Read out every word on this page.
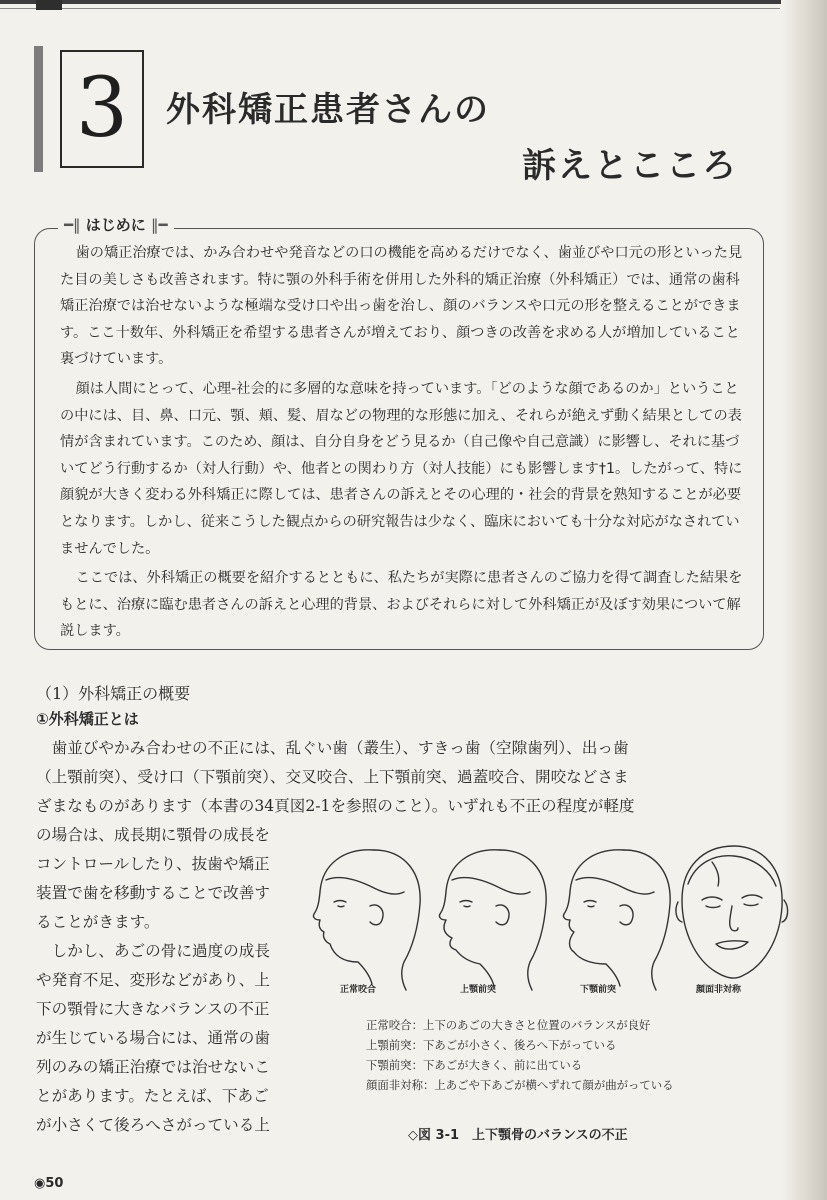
3	外科矯正患者さんの
訴えとこころ
━‖ はじめに ‖━

歯の矯正治療では、かみ合わせや発音などの口の機能を高めるだけでなく、歯並びや口元の形といった見た目の美しさも改善されます。特に顎の外科手術を併用した外科的矯正治療（外科矯正）では、通常の歯科矯正治療では治せないような極端な受け口や出っ歯を治し、顔のバランスや口元の形を整えることができます。ここ十数年、外科矯正を希望する患者さんが増えており、顔つきの改善を求める人が増加していること裏づけています。

顔は人間にとって、心理-社会的に多層的な意味を持っています。「どのような顔であるのか」ということの中には、目、鼻、口元、顎、頬、髪、眉などの物理的な形態に加え、それらが絶えず動く結果としての表情が含まれています。このため、顔は、自分自身をどう見るか（自己像や自己意識）に影響し、それに基づいてどう行動するか（対人行動）や、他者との関わり方（対人技能）にも影響します†1。したがって、特に顔貌が大きく変わる外科矯正に際しては、患者さんの訴えとその心理的・社会的背景を熟知することが必要となります。しかし、従来こうした観点からの研究報告は少なく、臨床においても十分な対応がなされていませんでした。

ここでは、外科矯正の概要を紹介するとともに、私たちが実際に患者さんのご協力を得て調査した結果をもとに、治療に臨む患者さんの訴えと心理的背景、およびそれらに対して外科矯正が及ぼす効果について解説します。

（1）外科矯正の概要
①外科矯正とは

　歯並びやかみ合わせの不正には、乱ぐい歯（叢生）、すきっ歯（空隙歯列）、出っ歯

（上顎前突）、受け口（下顎前突）、交叉咬合、上下顎前突、過蓋咬合、開咬などさま

ざまなものがあります（本書の34頁図2-1を参照のこと）。いずれも不正の程度が軽度

の場合は、成長期に顎骨の成長を

コントロールしたり、抜歯や矯正

装置で歯を移動することで改善す

ることがきます。

　しかし、あごの骨に過度の成長

や発育不足、変形などがあり、上

下の顎骨に大きなバランスの不正

が生じている場合には、通常の歯

列のみの矯正治療では治せないこ

とがあります。たとえば、下あご

が小さくて後ろへさがっている上

正常咬合	上顎前突	下顎前突	顔面非対称
正常咬合：上下のあごの大きさと位置のバランスが良好
上顎前突：下あごが小さく、後ろへ下がっている
下顎前突：下あごが大きく、前に出ている
顔面非対称：上あごや下あごが横へずれて顔が曲がっている
◇図 3-1　上下顎骨のバランスの不正
◉50
